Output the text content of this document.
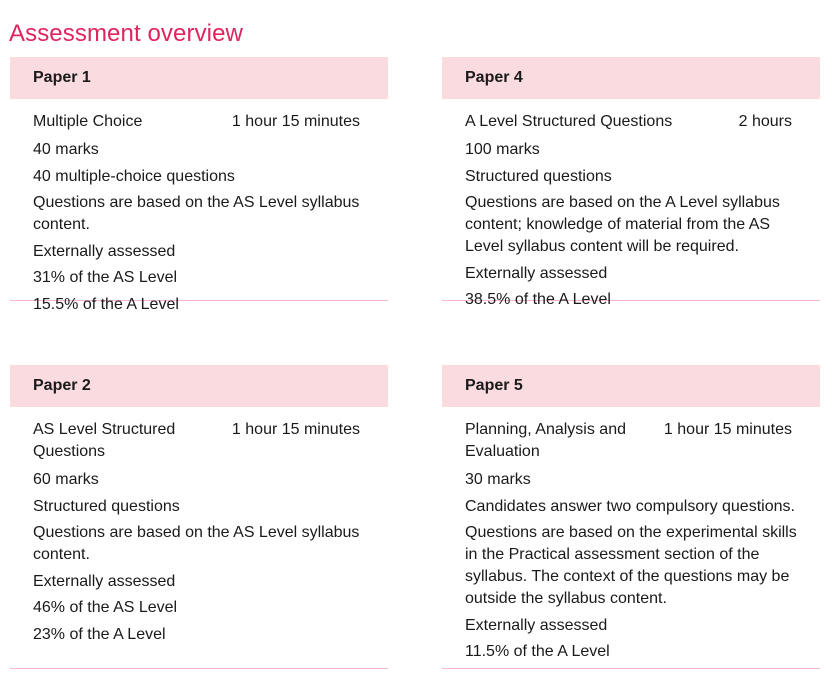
Assessment overview
Paper 1
Multiple Choice	1 hour 15 minutes
40 marks
40 multiple-choice questions
Questions are based on the AS Level syllabus content.
Externally assessed
31% of the AS Level
15.5% of the A Level
Paper 4
A Level Structured Questions	2 hours
100 marks
Structured questions
Questions are based on the A Level syllabus content; knowledge of material from the AS Level syllabus content will be required.
Externally assessed
38.5% of the A Level
Paper 2
AS Level Structured Questions
1 hour 15 minutes
60 marks
Structured questions
Questions are based on the AS Level syllabus content.
Externally assessed
46% of the AS Level
23% of the A Level
Paper 5
Planning, Analysis and Evaluation
1 hour 15 minutes
30 marks
Candidates answer two compulsory questions.
Questions are based on the experimental skills in the Practical assessment section of the syllabus. The context of the questions may be outside the syllabus content.
Externally assessed
11.5% of the A Level
